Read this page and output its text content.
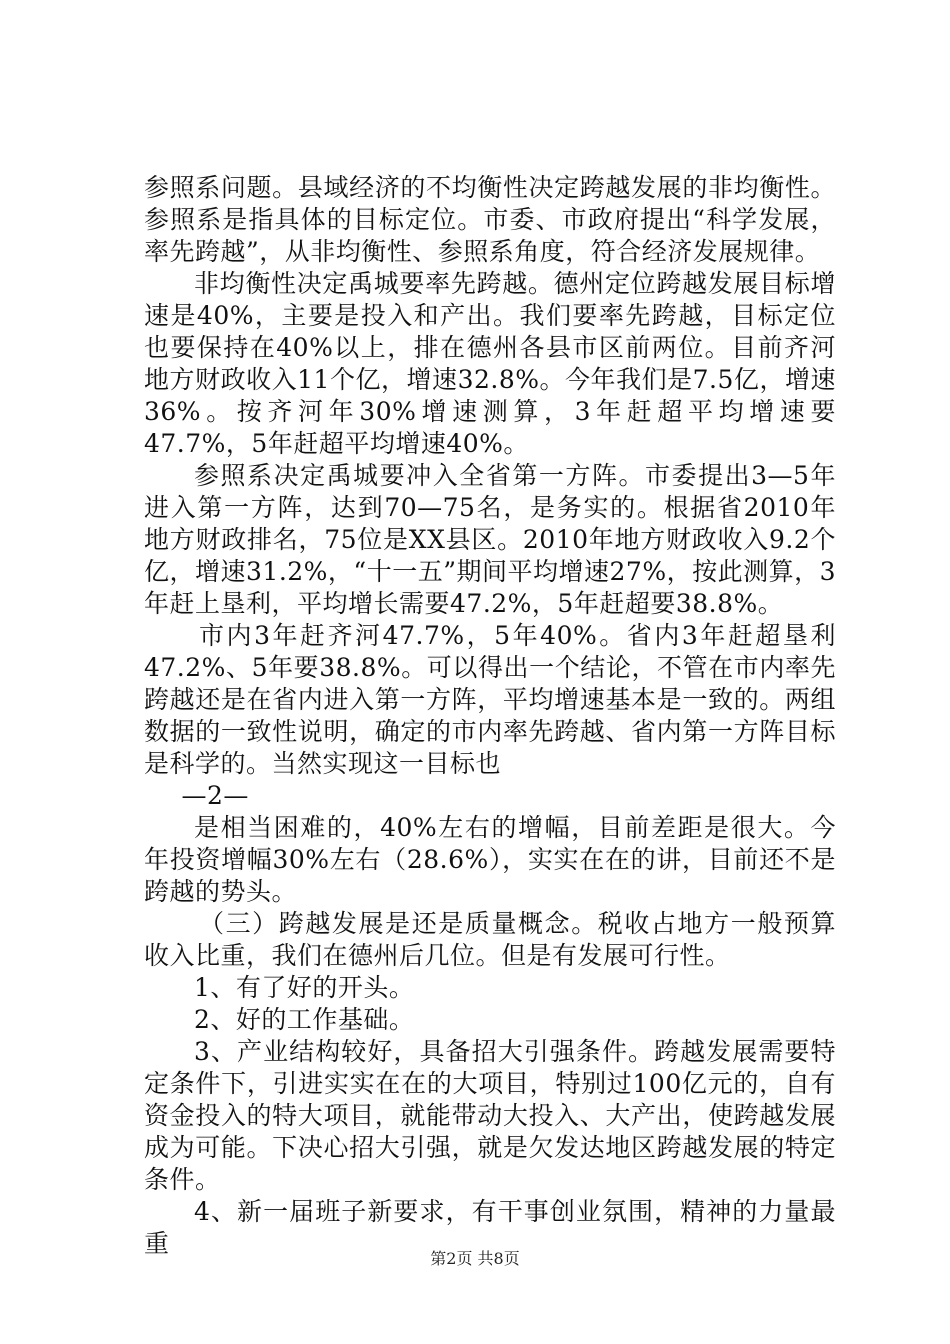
参照系问题。县域经济的不均衡性决定跨越发展的非均衡性。参照系是指具体的目标定位。市委、市政府提出“科学发展，率先跨越”，从非均衡性、参照系角度，符合经济发展规律。

非均衡性决定禹城要率先跨越。德州定位跨越发展目标增速是40%，主要是投入和产出。我们要率先跨越，目标定位也要保持在40%以上，排在德州各县市区前两位。目前齐河地方财政收入11个亿，增速32.8%。今年我们是7.5亿，增速36%。按齐河年30%增速测算，3年赶超平均增速要47.7%，5年赶超平均增速40%。

参照系决定禹城要冲入全省第一方阵。市委提出3—5年进入第一方阵，达到70—75名，是务实的。根据省2010年地方财政排名，75位是XX县区。2010年地方财政收入9.2个亿，增速31.2%，“十一五”期间平均增速27%，按此测算，3年赶上垦利，平均增长需要47.2%，5年赶超要38.8%。

市内3年赶齐河47.7%，5年40%。省内3年赶超垦利47.2%、5年要38.8%。可以得出一个结论，不管在市内率先跨越还是在省内进入第一方阵，平均增速基本是一致的。两组数据的一致性说明，确定的市内率先跨越、省内第一方阵目标是科学的。当然实现这一目标也

—2—

是相当困难的，40%左右的增幅，目前差距是很大。今年投资增幅30%左右（28.6%），实实在在的讲，目前还不是跨越的势头。

（三）跨越发展是还是质量概念。税收占地方一般预算收入比重，我们在德州后几位。但是有发展可行性。

1、有了好的开头。

2、好的工作基础。

3、产业结构较好，具备招大引强条件。跨越发展需要特定条件下，引进实实在在的大项目，特别过100亿元的，自有资金投入的特大项目，就能带动大投入、大产出，使跨越发展成为可能。下决心招大引强，就是欠发达地区跨越发展的特定条件。

4、新一届班子新要求，有干事创业氛围，精神的力量最重

第2页 共8页
